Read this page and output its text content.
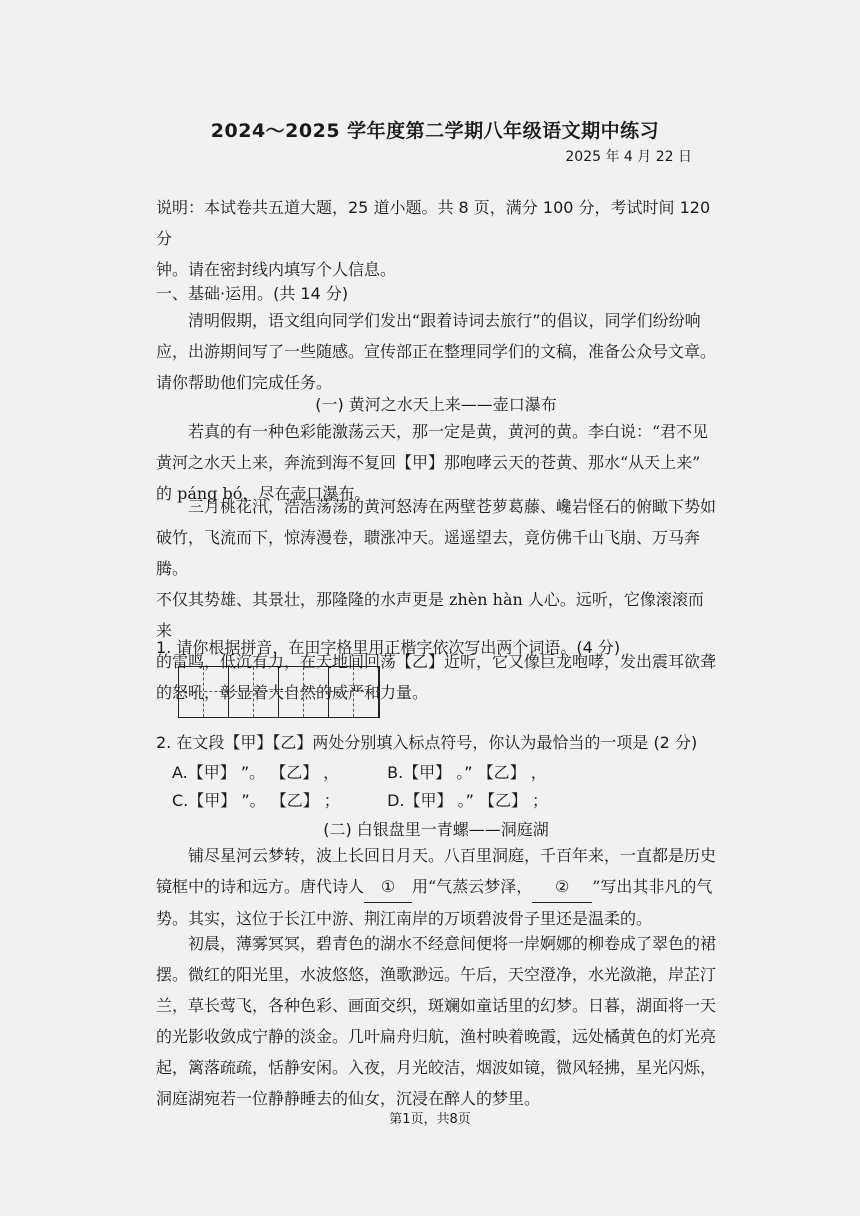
2024～2025 学年度第二学期八年级语文期中练习
2025 年 4 月 22 日
说明：本试卷共五道大题，25 道小题。共 8 页，满分 100 分，考试时间 120 分
钟。请在密封线内填写个人信息。
一、基础·运用。(共 14 分)
清明假期，语文组向同学们发出“跟着诗词去旅行”的倡议，同学们纷纷响
应，出游期间写了一些随感。宣传部正在整理同学们的文稿，准备公众号文章。
请你帮助他们完成任务。
(一) 黄河之水天上来——壶口瀑布
若真的有一种色彩能激荡云天，那一定是黄，黄河的黄。李白说：“君不见
黄河之水天上来，奔流到海不复回【甲】那咆哮云天的苍黄、那水“从天上来”
的 páng bó，尽在壶口瀑布。
三月桃花汛，浩浩荡荡的黄河怒涛在两壁苍萝葛藤、巉岩怪石的俯瞰下势如
破竹，飞流而下，惊涛漫卷，聩涨冲天。遥遥望去，竟仿佛千山飞崩、万马奔腾。
不仅其势雄、其景壮，那隆隆的水声更是 zhèn hàn 人心。远听，它像滚滚而来
的雷鸣，低沉有力，在天地间回荡【乙】近听，它又像巨龙咆哮，发出震耳欲聋
的怒吼，彰显着大自然的威严和力量。
1. 请你根据拼音，在田字格里用正楷字依次写出两个词语。(4 分)
2. 在文段【甲】【乙】两处分别填入标点符号，你认为最恰当的一项是 (2 分)
A.【甲】 ”。 【乙】 ，	B.【甲】 。” 【乙】 ，
C.【甲】 ”。 【乙】 ；	D.【甲】 。” 【乙】 ；
(二) 白银盘里一青螺——洞庭湖
铺尽星河云梦转，波上长回日月天。八百里洞庭，千百年来，一直都是历史
镜框中的诗和远方。唐代诗人 ① 用“气蒸云梦泽， ② ”写出其非凡的气
势。其实，这位于长江中游、荆江南岸的万顷碧波骨子里还是温柔的。
初晨，薄雾冥冥，碧青色的湖水不经意间便将一岸婀娜的柳卷成了翠色的裙
摆。微红的阳光里，水波悠悠，渔歌渺远。午后，天空澄净，水光潋滟，岸芷汀
兰，草长莺飞，各种色彩、画面交织，斑斓如童话里的幻梦。日暮，湖面将一天
的光影收敛成宁静的淡金。几叶扁舟归航，渔村映着晚霞，远处橘黄色的灯光亮
起，篱落疏疏，恬静安闲。入夜，月光皎洁，烟波如镜，微风轻拂，星光闪烁，
洞庭湖宛若一位静静睡去的仙女，沉浸在醉人的梦里。
第1页，共8页
